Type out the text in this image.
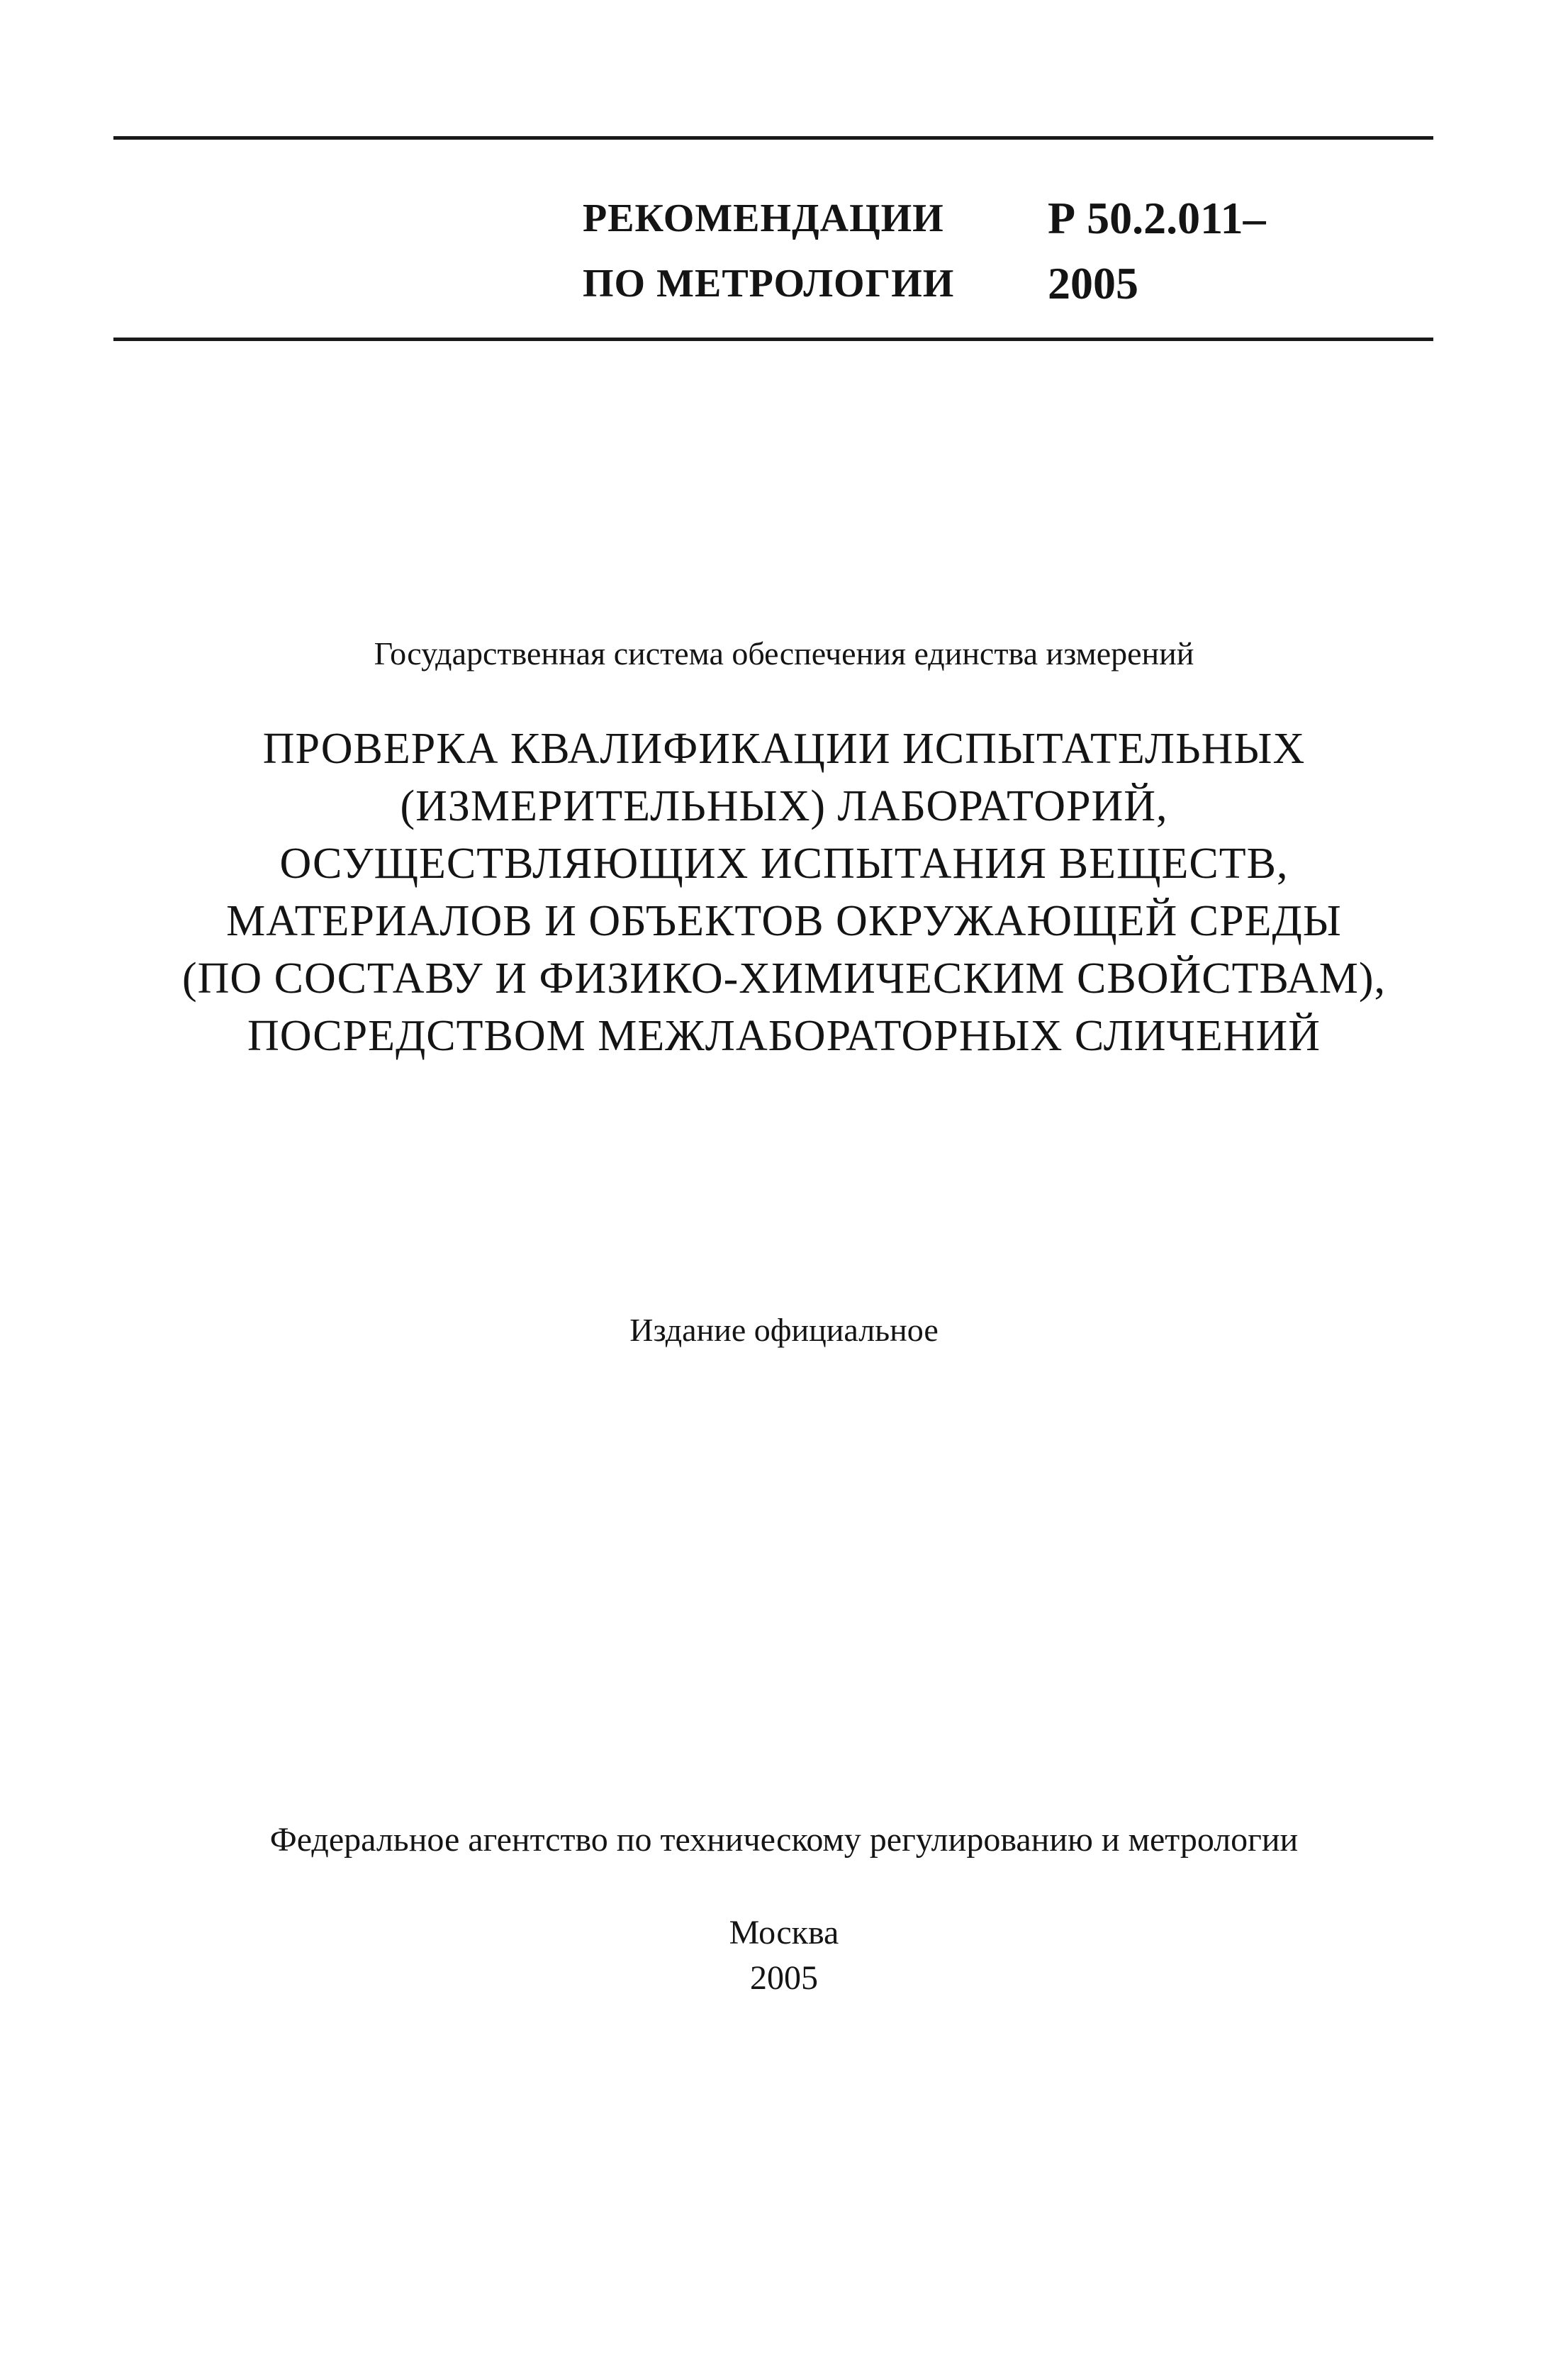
РЕКОМЕНДАЦИИ
ПО МЕТРОЛОГИИ
Р 50.2.011–
2005
Государственная система обеспечения единства измерений
ПРОВЕРКА КВАЛИФИКАЦИИ ИСПЫТАТЕЛЬНЫХ
(ИЗМЕРИТЕЛЬНЫХ) ЛАБОРАТОРИЙ,
ОСУЩЕСТВЛЯЮЩИХ ИСПЫТАНИЯ ВЕЩЕСТВ,
МАТЕРИАЛОВ И ОБЪЕКТОВ ОКРУЖАЮЩЕЙ СРЕДЫ
(ПО СОСТАВУ И ФИЗИКО-ХИМИЧЕСКИМ СВОЙСТВАМ),
ПОСРЕДСТВОМ МЕЖЛАБОРАТОРНЫХ СЛИЧЕНИЙ
Издание официальное
Федеральное агентство по техническому регулированию и метрологии
Москва
2005
